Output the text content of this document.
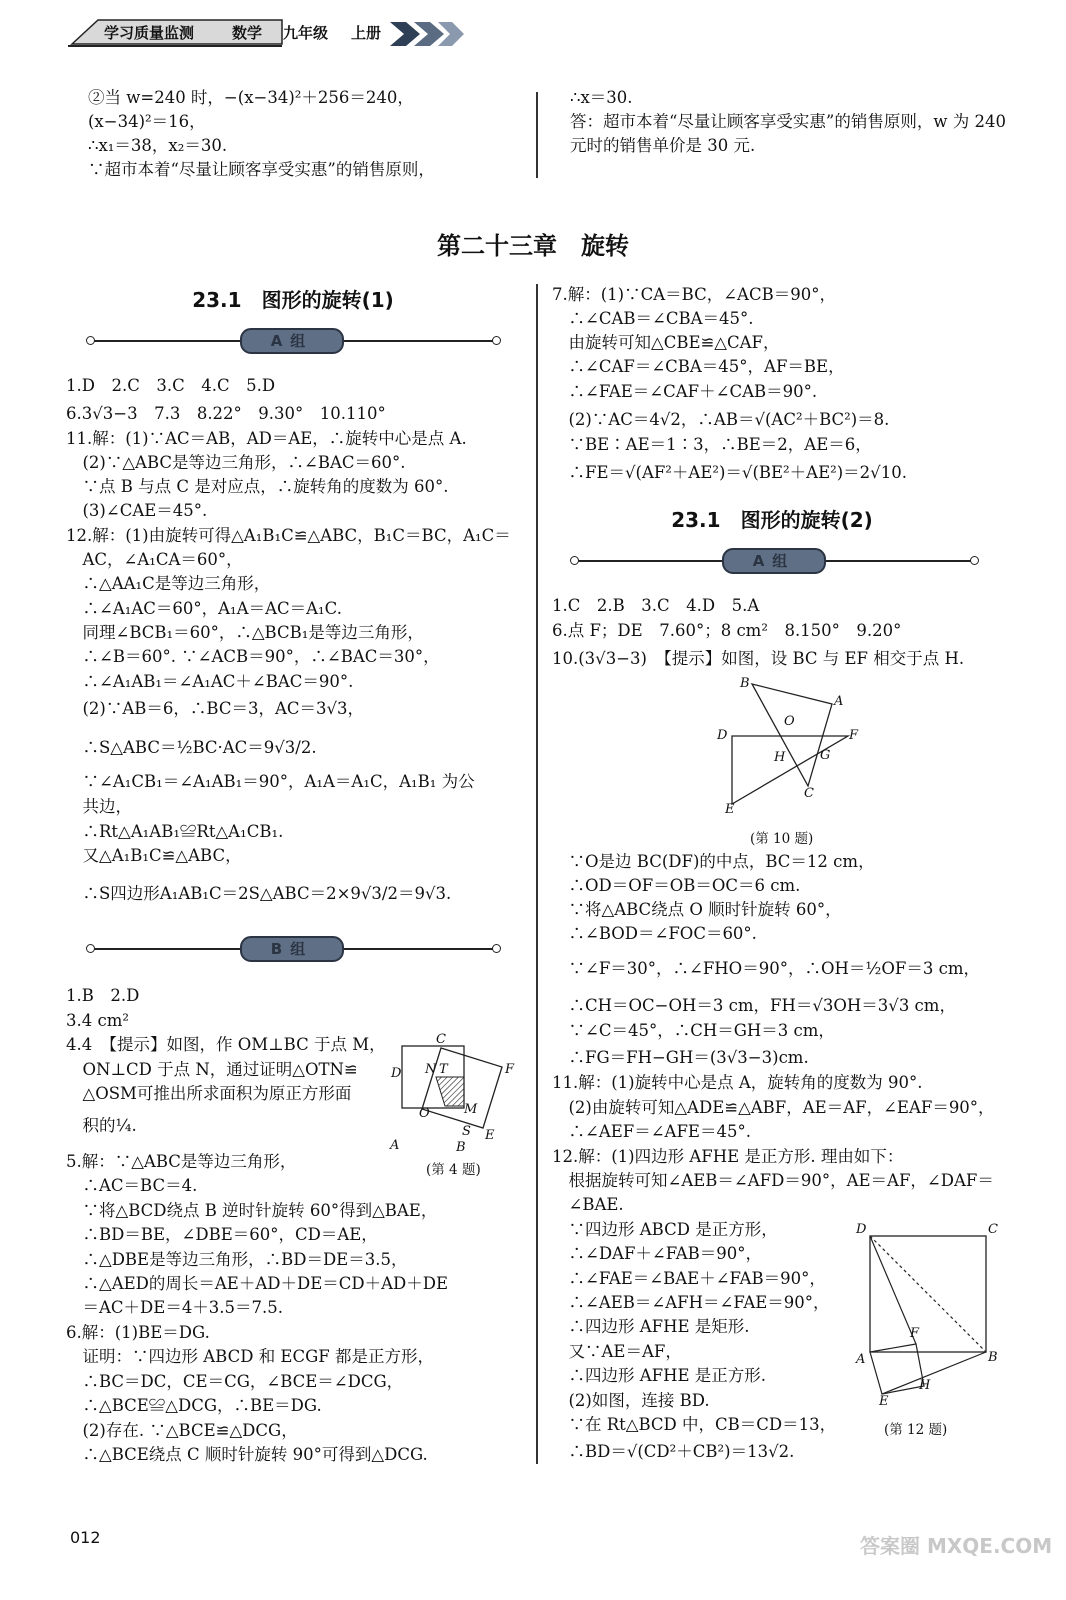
学习质量监测	数学 九年级 上册
②当 w=240 时，−(x−34)²＋256＝240，
(x−34)²＝16，
∴x₁＝38，x₂＝30.
∵超市本着“尽量让顾客享受实惠”的销售原则，
∴x＝30.
答：超市本着“尽量让顾客享受实惠”的销售原则，w 为 240
元时的销售单价是 30 元.
第二十三章　旋转
23.1　图形的旋转(1)
A组
1.D　2.C　3.C　4.C　5.D
6.3√3−3　7.3　8.22°　9.30°　10.110°
11.解：(1)∵AC＝AB，AD＝AE，∴旋转中心是点 A.
　(2)∵△ABC是等边三角形，∴∠BAC＝60°.
　∵点 B 与点 C 是对应点，∴旋转角的度数为 60°.
　(3)∠CAE＝45°.
12.解：(1)由旋转可得△A₁B₁C≌△ABC，B₁C＝BC，A₁C＝
　AC，∠A₁CA＝60°，
　∴△AA₁C是等边三角形，
　∴∠A₁AC＝60°，A₁A＝AC＝A₁C.
　同理∠BCB₁＝60°，∴△BCB₁是等边三角形，
　∴∠B＝60°. ∵∠ACB＝90°，∴∠BAC＝30°，
　∴∠A₁AB₁＝∠A₁AC＋∠BAC＝90°.
　(2)∵AB＝6，∴BC＝3，AC＝3√3，
　∴S△ABC＝½BC·AC＝9√3/2.
　∵∠A₁CB₁＝∠A₁AB₁＝90°，A₁A＝A₁C，A₁B₁ 为公
　共边，
　∴Rt△A₁AB₁≌Rt△A₁CB₁.
　又△A₁B₁C≌△ABC，
　∴S四边形A₁AB₁C＝2S△ABC＝2×9√3/2＝9√3.
B组
1.B　2.D
3.4 cm²
4.4　【提示】如图，作 OM⊥BC 于点 M，
　ON⊥CD 于点 N，通过证明△OTN≌
　△OSM可推出所求面积为原正方形面
　积的¼.
5.解：∵△ABC是等边三角形，
　∴AC＝BC＝4.
　∵将△BCD绕点 B 逆时针旋转 60°得到△BAE，
　∴BD＝BE，∠DBE＝60°，CD＝AE，
　∴△DBE是等边三角形，∴BD＝DE＝3.5，
　∴△AED的周长＝AE＋AD＋DE＝CD＋AD＋DE
　＝AC＋DE＝4＋3.5＝7.5.
6.解：(1)BE＝DG.
　证明：∵四边形 ABCD 和 ECGF 都是正方形，
　∴BC＝DC，CE＝CG，∠BCE＝∠DCG，
　∴△BCE≌△DCG，∴BE＝DG.
　(2)存在. ∵△BCE≌△DCG，
　∴△BCE绕点 C 顺时针旋转 90°可得到△DCG.
C
N T
D	F
O	M
A
S
B
E
(第 4 题)
7.解：(1)∵CA＝BC，∠ACB＝90°，
　∴∠CAB＝∠CBA＝45°.
　由旋转可知△CBE≌△CAF，
　∴∠CAF＝∠CBA＝45°，AF＝BE，
　∴∠FAE＝∠CAF＋∠CAB＝90°.
　(2)∵AC＝4√2，∴AB＝√(AC²＋BC²)＝8.
　∵BE∶AE＝1∶3，∴BE＝2，AE＝6，
　∴FE＝√(AF²＋AE²)＝√(BE²＋AE²)＝2√10.
23.1　图形的旋转(2)
A组
1.C　2.B　3.C　4.D　5.A
6.点 F；DE　7.60°；8 cm²　8.150°　9.20°
10.(3√3−3)　【提示】如图，设 BC 与 EF 相交于点 H.
B
A
O
D	F
H	G
C
E
(第 10 题)
　∵O是边 BC(DF)的中点，BC＝12 cm，
　∴OD＝OF＝OB＝OC＝6 cm.
　∵将△ABC绕点 O 顺时针旋转 60°，
　∴∠BOD＝∠FOC＝60°.
　∵∠F＝30°，∴∠FHO＝90°，∴OH＝½OF＝3 cm，
　∴CH＝OC−OH＝3 cm，FH＝√3OH＝3√3 cm，
　∵∠C＝45°，∴CH＝GH＝3 cm，
　∴FG＝FH−GH＝(3√3−3)cm.
11.解：(1)旋转中心是点 A，旋转角的度数为 90°.
　(2)由旋转可知△ADE≌△ABF，AE＝AF，∠EAF＝90°，
　∴∠AEF＝∠AFE＝45°.
12.解：(1)四边形 AFHE 是正方形. 理由如下：
　根据旋转可知∠AEB＝∠AFD＝90°，AE＝AF，∠DAF＝
　∠BAE.
　∵四边形 ABCD 是正方形，
　∴∠DAF＋∠FAB＝90°，
　∴∠FAE＝∠BAE＋∠FAB＝90°，
　∴∠AEB＝∠AFH＝∠FAE＝90°，
　∴四边形 AFHE 是矩形.
　又∵AE＝AF，
　∴四边形 AFHE 是正方形.
　(2)如图，连接 BD.
　∵在 Rt△BCD 中，CB＝CD＝13，
　∴BD＝√(CD²＋CB²)＝13√2.
D	C
F
A	B
E
H
(第 12 题)
012	答案圈 MXQE.COM
